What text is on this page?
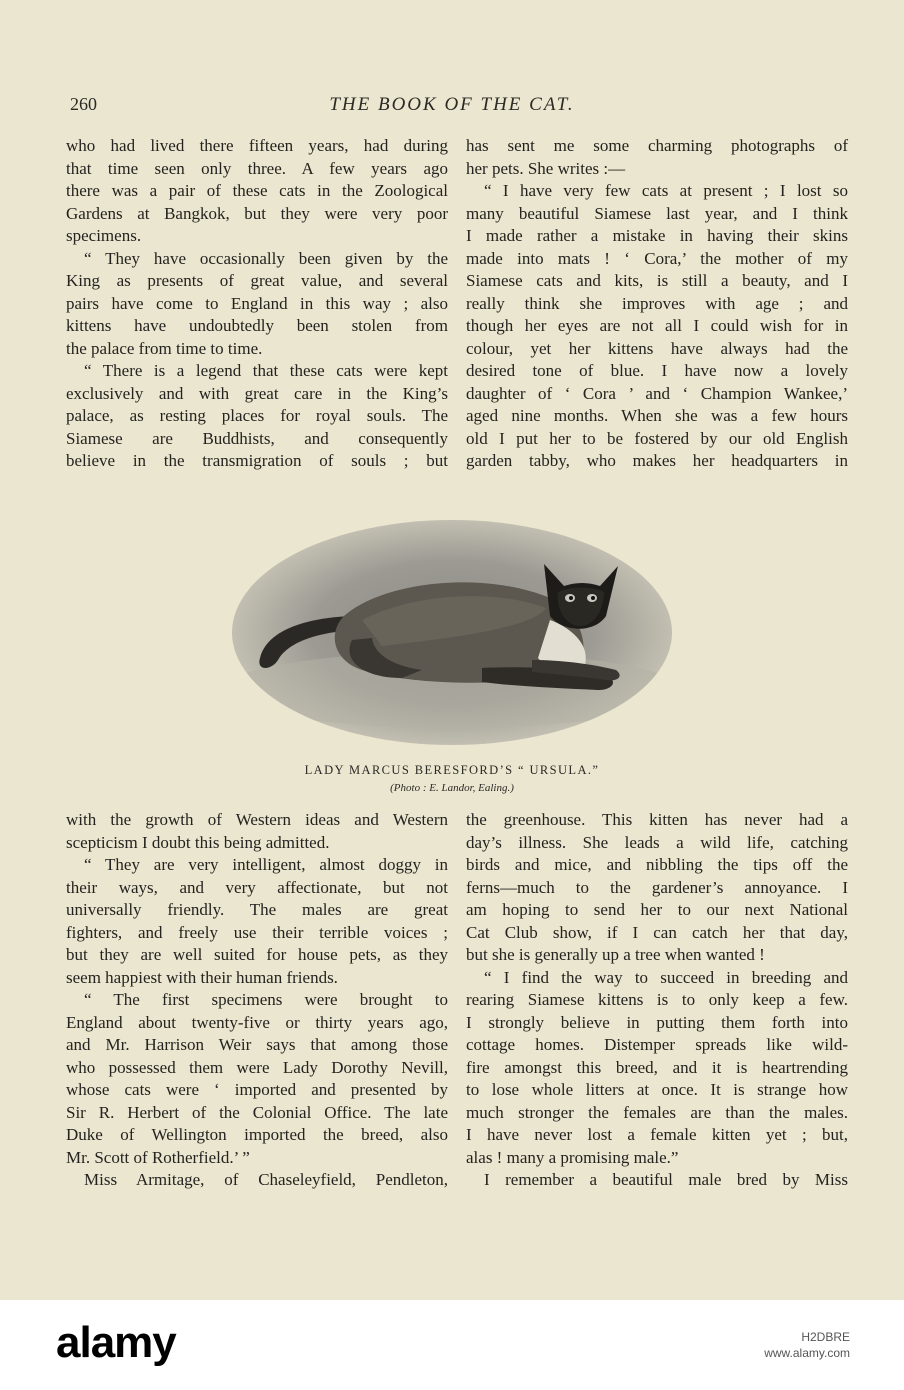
260	THE BOOK OF THE CAT.

who had lived there fifteen years, had during

that time seen only three. A few years ago

there was a pair of these cats in the Zoological

Gardens at Bangkok, but they were very poor

specimens.

“ They have occasionally been given by the

King as presents of great value, and several

pairs have come to England in this way ; also

kittens have undoubtedly been stolen from

the palace from time to time.

“ There is a legend that these cats were kept

exclusively and with great care in the King’s

palace, as resting places for royal souls. The

Siamese are Buddhists, and consequently

believe in the transmigration of souls ; but

has sent me some charming photographs of

her pets. She writes :—

“ I have very few cats at present ; I lost so

many beautiful Siamese last year, and I think

I made rather a mistake in having their skins

made into mats ! ‘ Cora,’ the mother of my

Siamese cats and kits, is still a beauty, and I

really think she improves with age ; and

though her eyes are not all I could wish for in

colour, yet her kittens have always had the

desired tone of blue. I have now a lovely

daughter of ‘ Cora ’ and ‘ Champion Wankee,’

aged nine months. When she was a few hours

old I put her to be fostered by our old English

garden tabby, who makes her headquarters in

LADY MARCUS BERESFORD’S “ URSULA.”
(Photo : E. Landor, Ealing.)

with the growth of Western ideas and Western

scepticism I doubt this being admitted.

“ They are very intelligent, almost doggy in

their ways, and very affectionate, but not

universally friendly. The males are great

fighters, and freely use their terrible voices ;

but they are well suited for house pets, as they

seem happiest with their human friends.

“ The first specimens were brought to

England about twenty-five or thirty years ago,

and Mr. Harrison Weir says that among those

who possessed them were Lady Dorothy Nevill,

whose cats were ‘ imported and presented by

Sir R. Herbert of the Colonial Office. The late

Duke of Wellington imported the breed, also

Mr. Scott of Rotherfield.’ ”

Miss Armitage, of Chaseleyfield, Pendleton,

the greenhouse. This kitten has never had a

day’s illness. She leads a wild life, catching

birds and mice, and nibbling the tips off the

ferns—much to the gardener’s annoyance. I

am hoping to send her to our next National

Cat Club show, if I can catch her that day,

but she is generally up a tree when wanted !

“ I find the way to succeed in breeding and

rearing Siamese kittens is to only keep a few.

I strongly believe in putting them forth into

cottage homes. Distemper spreads like wild-

fire amongst this breed, and it is heartrending

to lose whole litters at once. It is strange how

much stronger the females are than the males.

I have never lost a female kitten yet ; but,

alas ! many a promising male.”

I remember a beautiful male bred by Miss

alamy	H2DBRE
www.alamy.com
